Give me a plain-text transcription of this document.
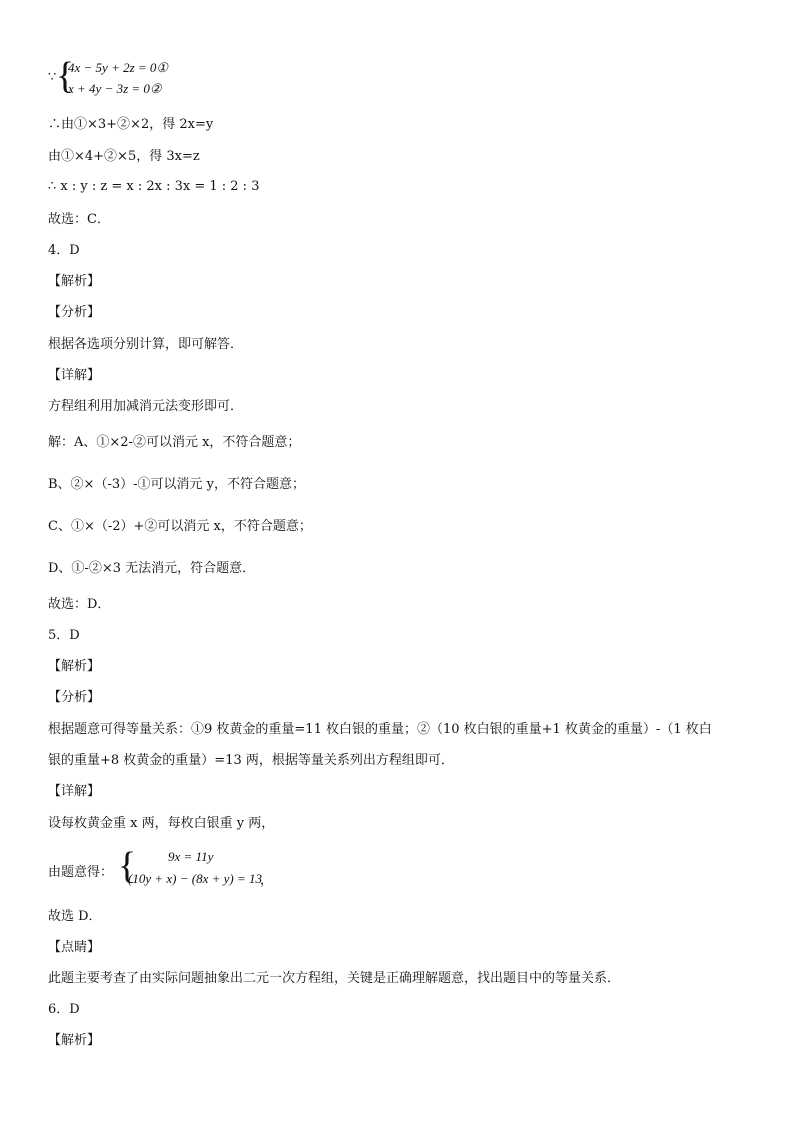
∵ {
4x − 5y + 2z = 0①
x + 4y − 3z = 0②
∴由①×3+②×2，得 2x=y
由①×4+②×5，得 3x=z
∴ x : y : z = x : 2x : 3x = 1 : 2 : 3
故选：C．
4．D
【解析】
【分析】
根据各选项分别计算，即可解答．
【详解】
方程组利用加减消元法变形即可．
解：A、①×2-②可以消元 x，不符合题意；
B、②×（-3）-①可以消元 y，不符合题意；
C、①×（-2）+②可以消元 x，不符合题意；
D、①-②×3 无法消元，符合题意．
故选：D．
5．D
【解析】
【分析】
根据题意可得等量关系：①9 枚黄金的重量=11 枚白银的重量；②（10 枚白银的重量+1 枚黄金的重量）-（1 枚白
银的重量+8 枚黄金的重量）=13 两，根据等量关系列出方程组即可．
【详解】
设每枚黄金重 x 两，每枚白银重 y 两，
由题意得： { 9x = 11y
(10y + x) − (8x + y) = 13
，
故选 D．
【点睛】
此题主要考查了由实际问题抽象出二元一次方程组，关键是正确理解题意，找出题目中的等量关系．
6．D
【解析】
